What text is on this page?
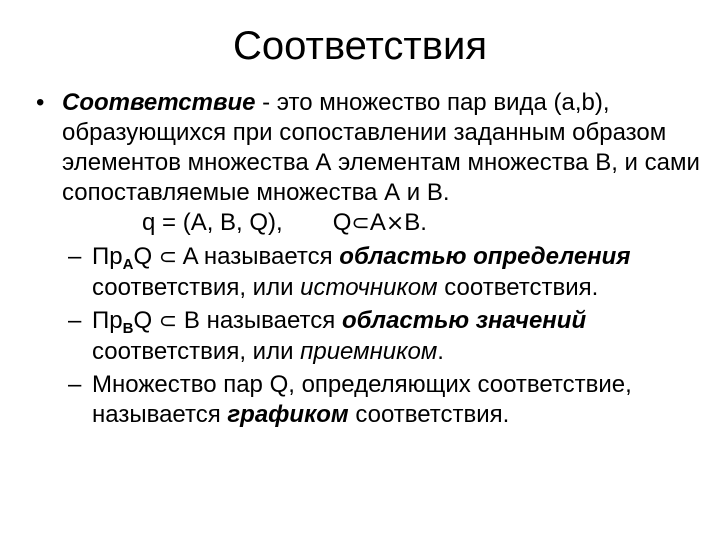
Соответствия
• Соответствие - это множество пар вида (a,b), образующихся при сопоставлении заданным образом элементов множества А элементам множества В, и сами сопоставляемые множества А и В.
q = (A, B, Q), Q⊂A×B.
– $Пр_AQ$ ⊂ A называется областью определения соответствия, или источником соответствия.
– $Пр_BQ$ ⊂ B называется областью значений соответствия, или приемником.
– Множество пар Q, определяющих соответствие, называется графиком соответствия.
